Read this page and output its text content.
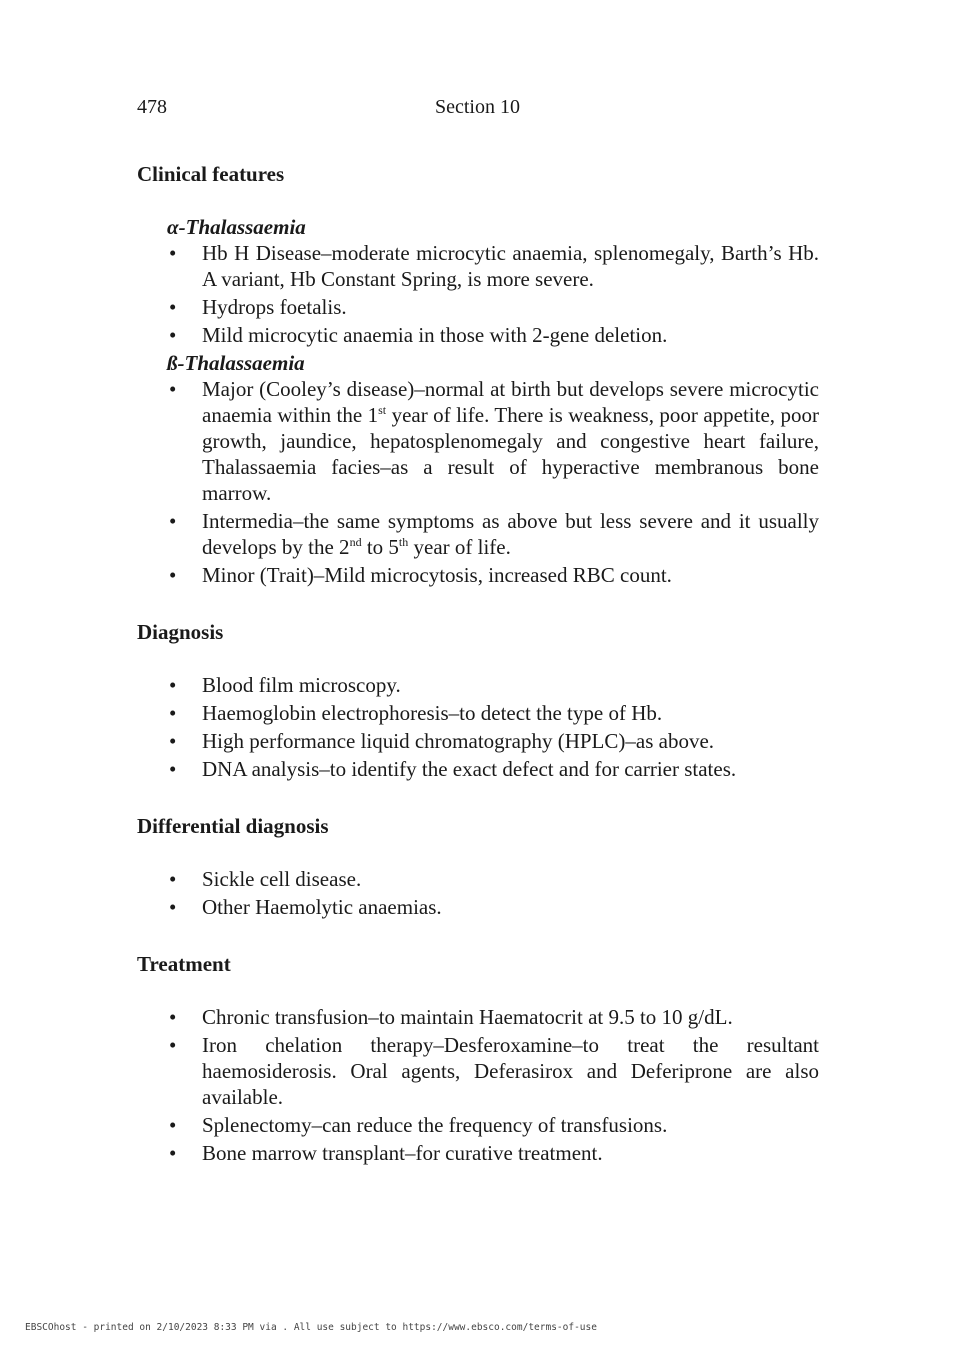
478	Section 10
Clinical features
α-Thalassaemia
• Hb H Disease–moderate microcytic anaemia, splenomegaly, Barth’s Hb. A variant, Hb Constant Spring, is more severe.
• Hydrops foetalis.
• Mild microcytic anaemia in those with 2-gene deletion.
ß-Thalassaemia
• Major (Cooley’s disease)–normal at birth but develops severe microcytic anaemia within the 1st year of life. There is weakness, poor appetite, poor growth, jaundice, hepatosplenomegaly and congestive heart failure, Thalassaemia facies–as a result of hyperactive membranous bone marrow.
• Intermedia–the same symptoms as above but less severe and it usually develops by the 2nd to 5th year of life.
• Minor (Trait)–Mild microcytosis, increased RBC count.
Diagnosis
• Blood film microscopy.
• Haemoglobin electrophoresis–to detect the type of Hb.
• High performance liquid chromatography (HPLC)–as above.
• DNA analysis–to identify the exact defect and for carrier states.
Differential diagnosis
• Sickle cell disease.
• Other Haemolytic anaemias.
Treatment
• Chronic transfusion–to maintain Haematocrit at 9.5 to 10 g/dL.
• Iron chelation therapy–Desferoxamine–to treat the resultant haemosiderosis. Oral agents, Deferasirox and Deferiprone are also available.
• Splenectomy–can reduce the frequency of transfusions.
• Bone marrow transplant–for curative treatment.
EBSCOhost - printed on 2/10/2023 8:33 PM via . All use subject to https://www.ebsco.com/terms-of-use
